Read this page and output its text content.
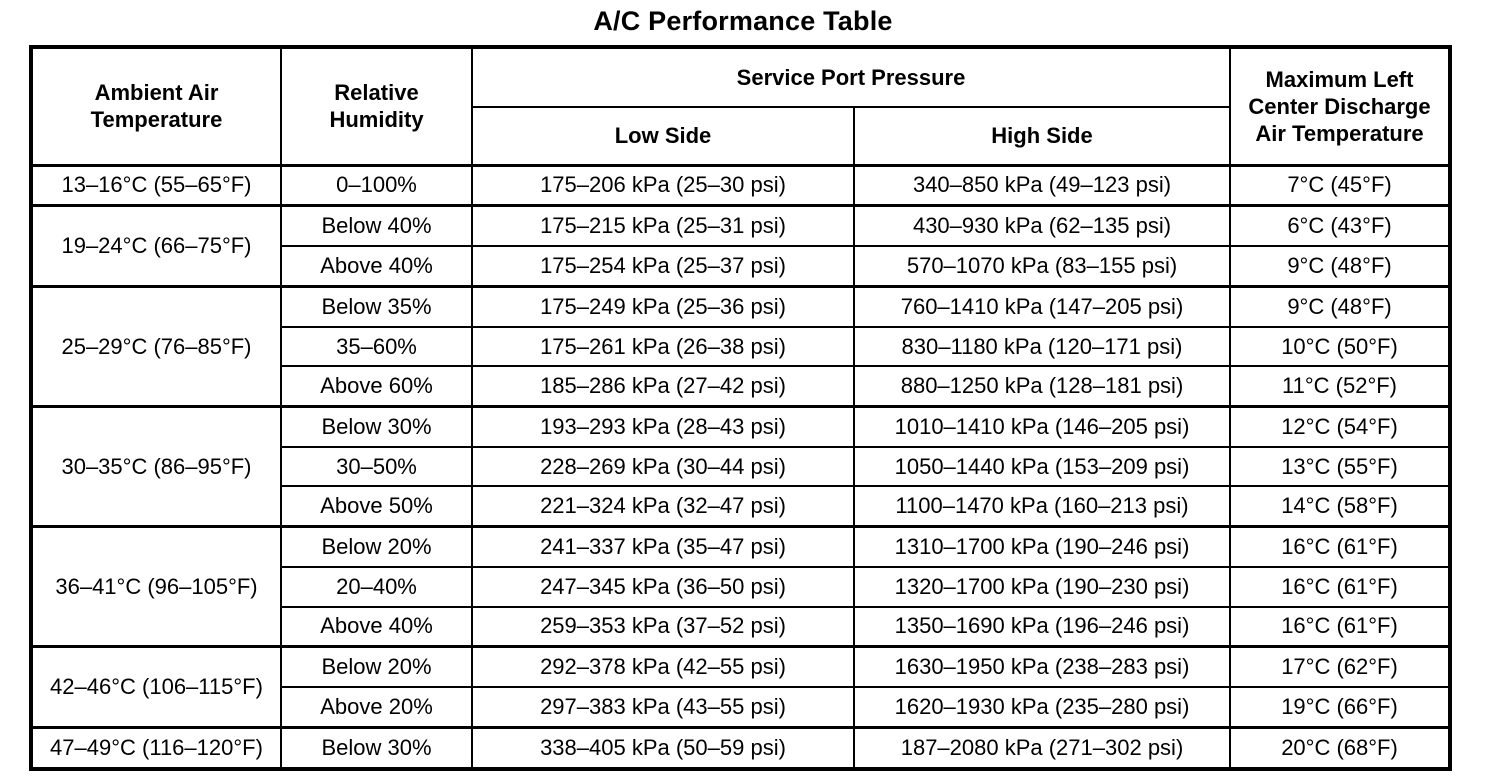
A/C Performance Table
Ambient Air Temperature	Relative Humidity	Service Port Pressure		Maximum Left Center Discharge Air Temperature
		Low Side	High Side	
13–16°C (55–65°F)	0–100%	175–206 kPa (25–30 psi)	340–850 kPa (49–123 psi)	7°C (45°F)
19–24°C (66–75°F)	Below 40%	175–215 kPa (25–31 psi)	430–930 kPa (62–135 psi)	6°C (43°F)
	Above 40%	175–254 kPa (25–37 psi)	570–1070 kPa (83–155 psi)	9°C (48°F)
25–29°C (76–85°F)	Below 35%	175–249 kPa (25–36 psi)	760–1410 kPa (147–205 psi)	9°C (48°F)
	35–60%	175–261 kPa (26–38 psi)	830–1180 kPa (120–171 psi)	10°C (50°F)
	Above 60%	185–286 kPa (27–42 psi)	880–1250 kPa (128–181 psi)	11°C (52°F)
30–35°C (86–95°F)	Below 30%	193–293 kPa (28–43 psi)	1010–1410 kPa (146–205 psi)	12°C (54°F)
	30–50%	228–269 kPa (30–44 psi)	1050–1440 kPa (153–209 psi)	13°C (55°F)
	Above 50%	221–324 kPa (32–47 psi)	1100–1470 kPa (160–213 psi)	14°C (58°F)
36–41°C (96–105°F)	Below 20%	241–337 kPa (35–47 psi)	1310–1700 kPa (190–246 psi)	16°C (61°F)
	20–40%	247–345 kPa (36–50 psi)	1320–1700 kPa (190–230 psi)	16°C (61°F)
	Above 40%	259–353 kPa (37–52 psi)	1350–1690 kPa (196–246 psi)	16°C (61°F)
42–46°C (106–115°F)	Below 20%	292–378 kPa (42–55 psi)	1630–1950 kPa (238–283 psi)	17°C (62°F)
	Above 20%	297–383 kPa (43–55 psi)	1620–1930 kPa (235–280 psi)	19°C (66°F)
47–49°C (116–120°F)	Below 30%	338–405 kPa (50–59 psi)	187–2080 kPa (271–302 psi)	20°C (68°F)
